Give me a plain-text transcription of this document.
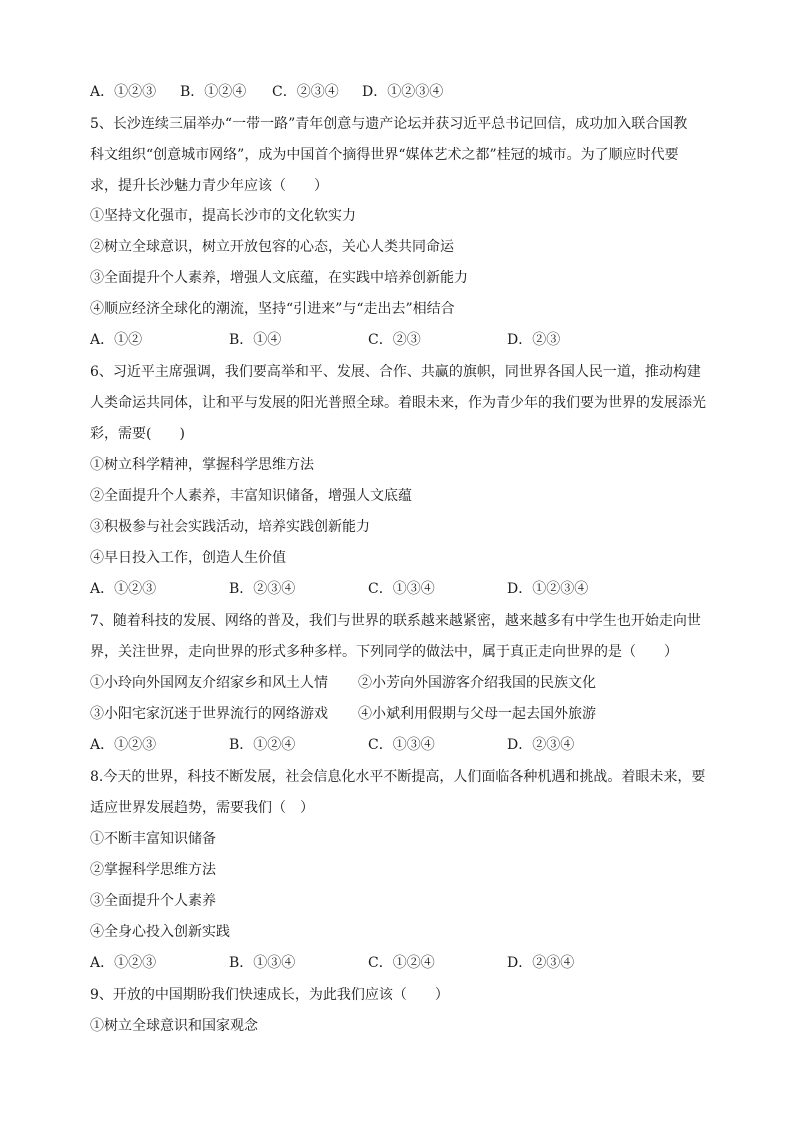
A．①②③ B．①②④ C．②③④ D．①②③④
5、长沙连续三届举办“一带一路”青年创意与遗产论坛并获习近平总书记回信，成功加入联合国教
科文组织“创意城市网络”，成为中国首个摘得世界“媒体艺术之都”桂冠的城市。为了顺应时代要
求，提升长沙魅力青少年应该（　　）
①坚持文化强市，提高长沙市的文化软实力
②树立全球意识，树立开放包容的心态，关心人类共同命运
③全面提升个人素养，增强人文底蕴，在实践中培养创新能力
④顺应经济全球化的潮流，坚持“引进来”与“走出去”相结合
A．①②	B．①④	C．②③	D．②③
6、习近平主席强调，我们要高举和平、发展、合作、共赢的旗帜，同世界各国人民一道，推动构建
人类命运共同体，让和平与发展的阳光普照全球。着眼未来，作为青少年的我们要为世界的发展添光
彩，需要(　　)
①树立科学精神，掌握科学思维方法
②全面提升个人素养，丰富知识储备，增强人文底蕴
③积极参与社会实践活动，培养实践创新能力
④早日投入工作，创造人生价值
A．①②③	B．②③④	C．①③④	D．①②③④
7、随着科技的发展、网络的普及，我们与世界的联系越来越紧密，越来越多有中学生也开始走向世
界，关注世界，走向世界的形式多种多样。下列同学的做法中，属于真正走向世界的是（　　）
①小玲向外国网友介绍家乡和风土人情 ②小芳向外国游客介绍我国的民族文化
③小阳宅家沉迷于世界流行的网络游戏 ④小斌利用假期与父母一起去国外旅游
A．①②③	B．①②④	C．①③④	D．②③④
8.今天的世界，科技不断发展，社会信息化水平不断提高，人们面临各种机遇和挑战。着眼未来，要
适应世界发展趋势，需要我们（　）
①不断丰富知识储备
②掌握科学思维方法
③全面提升个人素养
④全身心投入创新实践
A．①②③	B．①③④	C．①②④	D．②③④
9、开放的中国期盼我们快速成长，为此我们应该（　　）
①树立全球意识和国家观念
